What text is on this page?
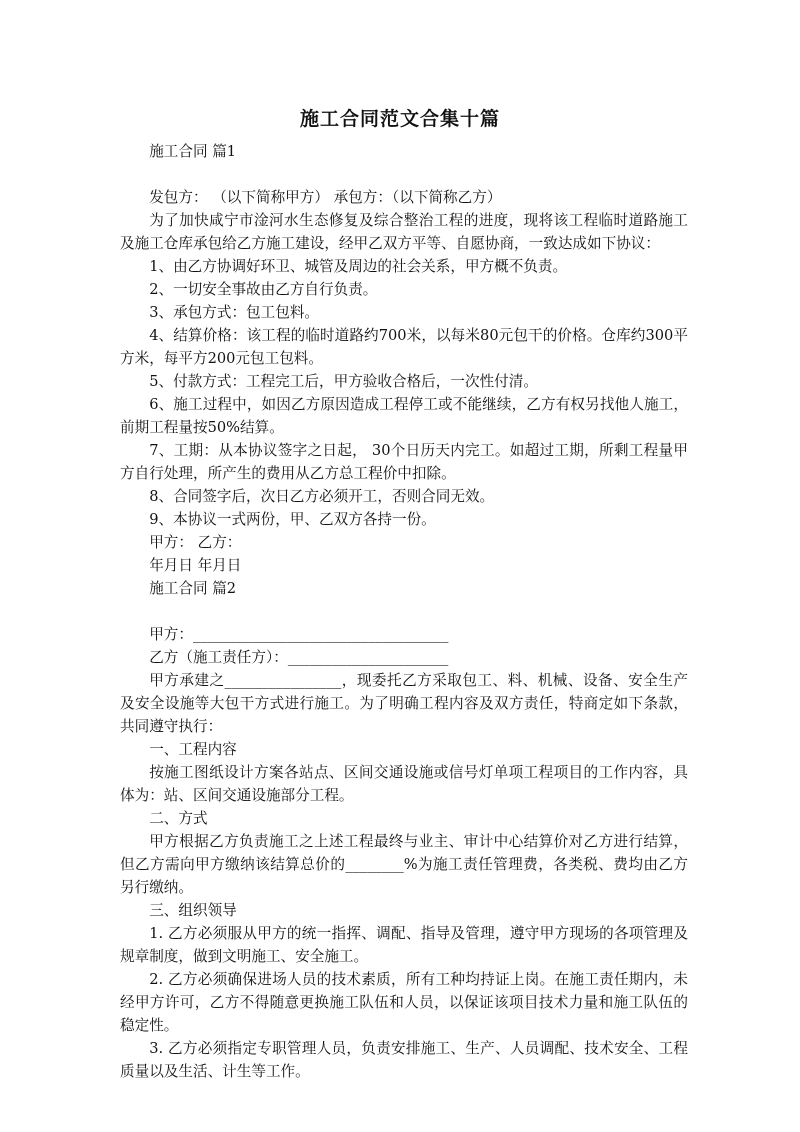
施工合同范文合集十篇

施工合同 篇1

发包方： （以下简称甲方） 承包方：（以下简称乙方）

为了加快咸宁市淦河水生态修复及综合整治工程的进度，现将该工程临时道路施工及施工仓库承包给乙方施工建设，经甲乙双方平等、自愿协商，一致达成如下协议：

1、由乙方协调好环卫、城管及周边的社会关系，甲方概不负责。

2、一切安全事故由乙方自行负责。

3、承包方式：包工包料。

4、结算价格：该工程的临时道路约700米，以每米80元包干的价格。仓库约300平方米，每平方200元包工包料。

5、付款方式：工程完工后，甲方验收合格后，一次性付清。

6、施工过程中，如因乙方原因造成工程停工或不能继续，乙方有权另找他人施工，前期工程量按50%结算。

7、工期：从本协议签字之日起， 30个日历天内完工。如超过工期，所剩工程量甲方自行处理，所产生的费用从乙方总工程价中扣除。

8、合同签字后，次日乙方必须开工，否则合同无效。

9、本协议一式两份，甲、乙双方各持一份。

甲方： 乙方：

年月日 年月日

施工合同 篇2

甲方：___________________________________

乙方（施工责任方）：______________________

甲方承建之________________，现委托乙方采取包工、料、机械、设备、安全生产及安全设施等大包干方式进行施工。为了明确工程内容及双方责任，特商定如下条款，共同遵守执行：

一、工程内容

按施工图纸设计方案各站点、区间交通设施或信号灯单项工程项目的工作内容，具体为：站、区间交通设施部分工程。

二、方式

甲方根据乙方负责施工之上述工程最终与业主、审计中心结算价对乙方进行结算，但乙方需向甲方缴纳该结算总价的________%为施工责任管理费，各类税、费均由乙方另行缴纳。

三、组织领导

1. 乙方必须服从甲方的统一指挥、调配、指导及管理，遵守甲方现场的各项管理及规章制度，做到文明施工、安全施工。

2. 乙方必须确保进场人员的技术素质，所有工种均持证上岗。在施工责任期内，未经甲方许可，乙方不得随意更换施工队伍和人员，以保证该项目技术力量和施工队伍的稳定性。

3. 乙方必须指定专职管理人员，负责安排施工、生产、人员调配、技术安全、工程质量以及生活、计生等工作。
